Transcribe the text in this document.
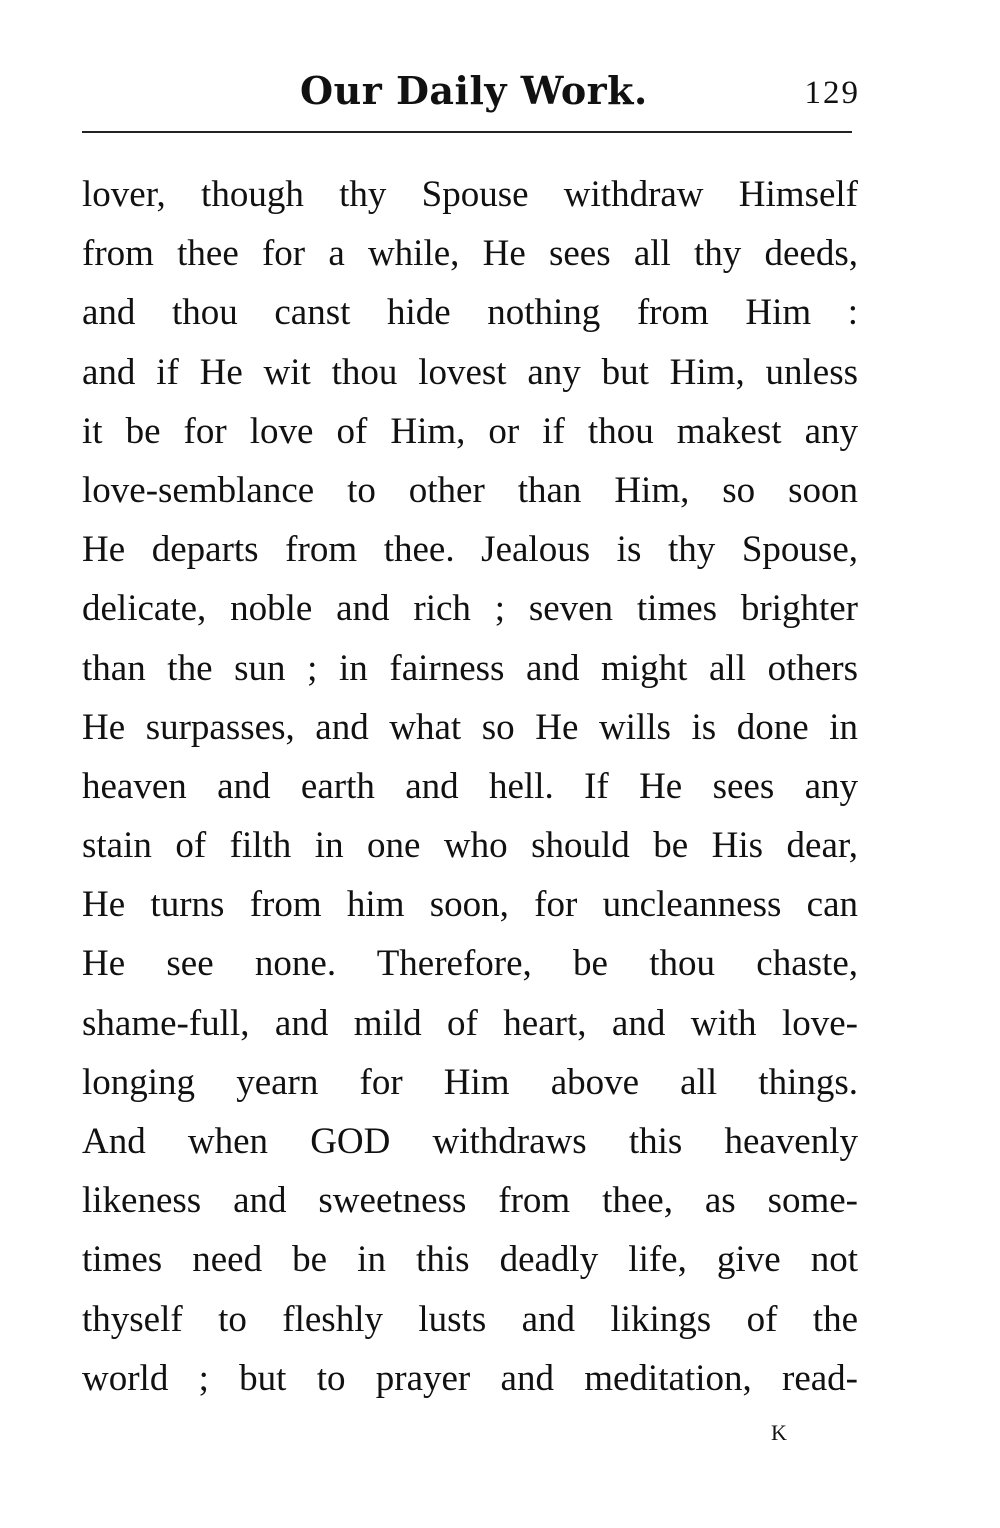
Our Daily Work.	129
lover, though thy Spouse withdraw Himself
from thee for a while, He sees all thy deeds,
and thou canst hide nothing from Him :
and if He wit thou lovest any but Him, unless
it be for love of Him, or if thou makest any
love-semblance to other than Him, so soon
He departs from thee. Jealous is thy Spouse,
delicate, noble and rich ; seven times brighter
than the sun ; in fairness and might all others
He surpasses, and what so He wills is done in
heaven and earth and hell. If He sees any
stain of filth in one who should be His dear,
He turns from him soon, for uncleanness can
He see none. Therefore, be thou chaste,
shame-full, and mild of heart, and with love-
longing yearn for Him above all things.
And when GOD withdraws this heavenly
likeness and sweetness from thee, as some-
times need be in this deadly life, give not
thyself to fleshly lusts and likings of the
world ; but to prayer and meditation, read-
K
